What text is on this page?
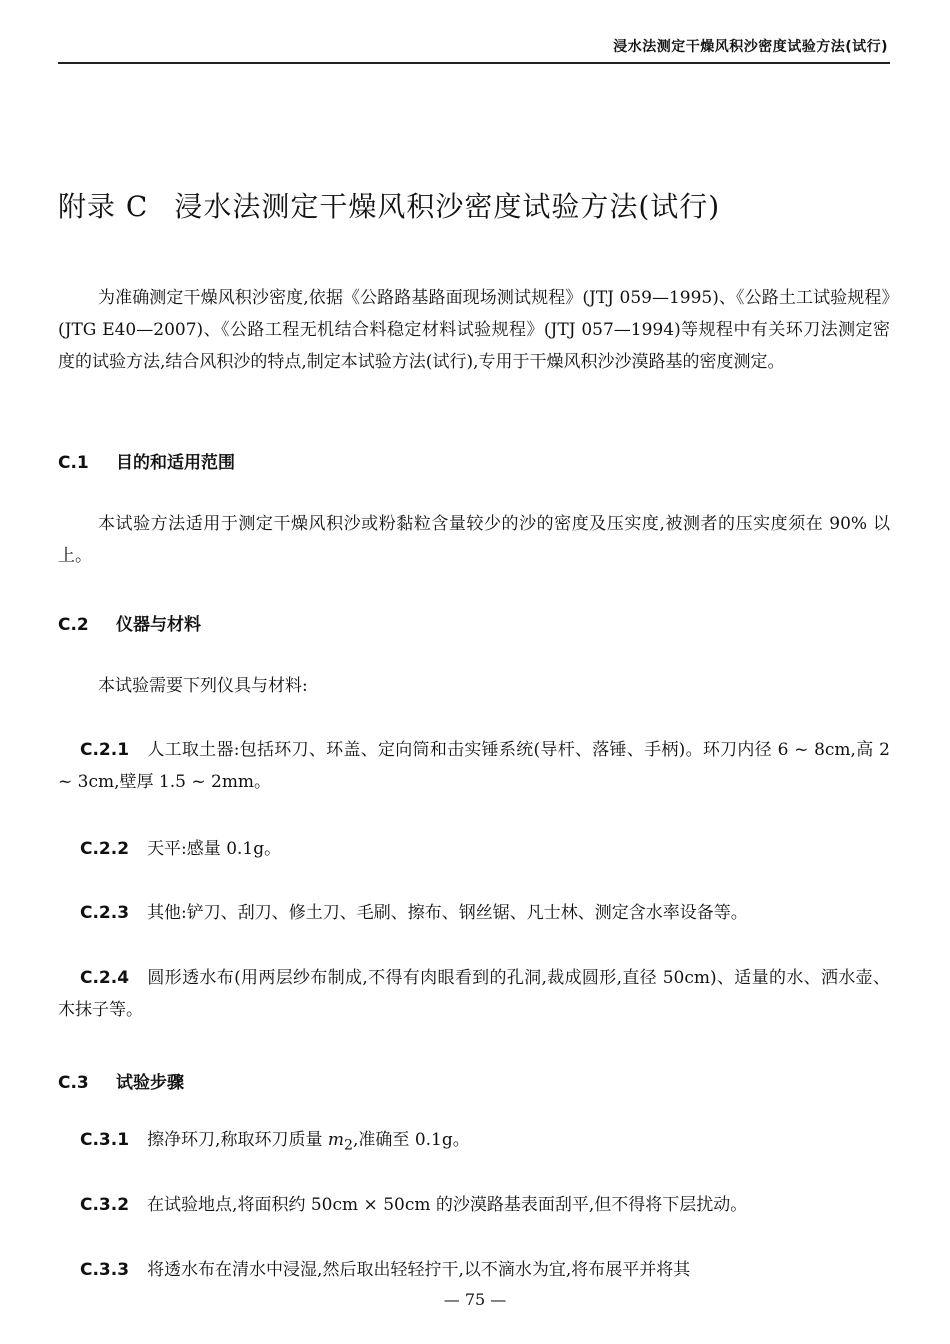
浸水法测定干燥风积沙密度试验方法(试行)
附录 C 浸水法测定干燥风积沙密度试验方法(试行)

为准确测定干燥风积沙密度,依据《公路路基路面现场测试规程》(JTJ 059—1995)、《公路土工试验规程》(JTG E40—2007)、《公路工程无机结合料稳定材料试验规程》(JTJ 057—1994)等规程中有关环刀法测定密度的试验方法,结合风积沙的特点,制定本试验方法(试行),专用于干燥风积沙沙漠路基的密度测定。

C.1 目的和适用范围

本试验方法适用于测定干燥风积沙或粉黏粒含量较少的沙的密度及压实度,被测者的压实度须在 90% 以上。

C.2 仪器与材料

本试验需要下列仪具与材料:

C.2.1 人工取土器:包括环刀、环盖、定向筒和击实锤系统(导杆、落锤、手柄)。环刀内径 6 ~ 8cm,高 2 ~ 3cm,壁厚 1.5 ~ 2mm。

C.2.2 天平:感量 0.1g。

C.2.3 其他:铲刀、刮刀、修土刀、毛刷、擦布、钢丝锯、凡士林、测定含水率设备等。

C.2.4 圆形透水布(用两层纱布制成,不得有肉眼看到的孔洞,裁成圆形,直径 50cm)、适量的水、洒水壶、木抹子等。

C.3 试验步骤

C.3.1 擦净环刀,称取环刀质量 $m_2$,准确至 0.1g。

C.3.2 在试验地点,将面积约 50cm × 50cm 的沙漠路基表面刮平,但不得将下层扰动。

C.3.3 将透水布在清水中浸湿,然后取出轻轻拧干,以不滴水为宜,将布展平并将其

— 75 —
